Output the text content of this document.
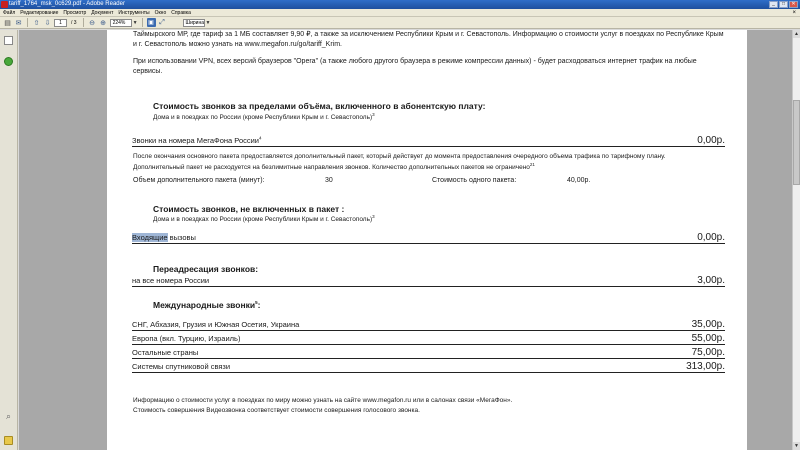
tariff_1764_msk_0c629.pdf - Adobe Reader	_	□	✕
Файл Редактирование Просмотр Документ Инструменты Окно Справка	×
▤ ✉ ⇧ ⇩	1	/ 3 ⊖ ⊕	224%	▼ ▣ ⤢	Ширина ▼
⌕
Таймырского МР, где тариф за 1 МБ составляет 9,90 ₽, а также за исключением Республики Крым и г. Севастополь. Информацию о стоимости услуг в поездках по Республике Крым
и г. Севастополь можно узнать на www.megafon.ru/go/tariff_Krim.
При использовании VPN, всех версий браузеров "Opera" (а также любого другого браузера в режиме компрессии данных) - будет расходоваться интернет трафик на любые
сервисы.
Стоимость звонков за пределами объёма, включенного в абонентскую плату:
Дома и в поездках по России (кроме Республики Крым и г. Севастополь)$^3$
Звонки на номера МегаФона России$^4$	0,00р.
После окончания основного пакета предоставляется дополнительный пакет, который действует до момента предоставления очередного объема трафика по тарифному плану.
Дополнительный пакет не расходуется на безлимитные направления звонков. Количество дополнительных пакетов не ограничено$^{21}$
Объем дополнительного пакета (минут):	30	Стоимость одного пакета:	40,00р.
Стоимость звонков, не включенных в пакет :
Дома и в поездках по России (кроме Республики Крым и г. Севастополь)$^3$
Входящие вызовы	0,00р.
Переадресация звонков:
на все номера России	3,00р.
Международные звонки$^5$:
СНГ, Абхазия, Грузия и Южная Осетия, Украина	35,00р.
Европа (вкл. Турцию, Израиль)	55,00р.
Остальные страны	75,00р.
Системы спутниковой связи	313,00р.
Информацию о стоимости услуг в поездках по миру можно узнать на сайте www.megafon.ru или в салонах связи «МегаФон».
Стоимость совершения Видеозвонка соответствует стоимости совершения голосового звонка.
▲
▼
